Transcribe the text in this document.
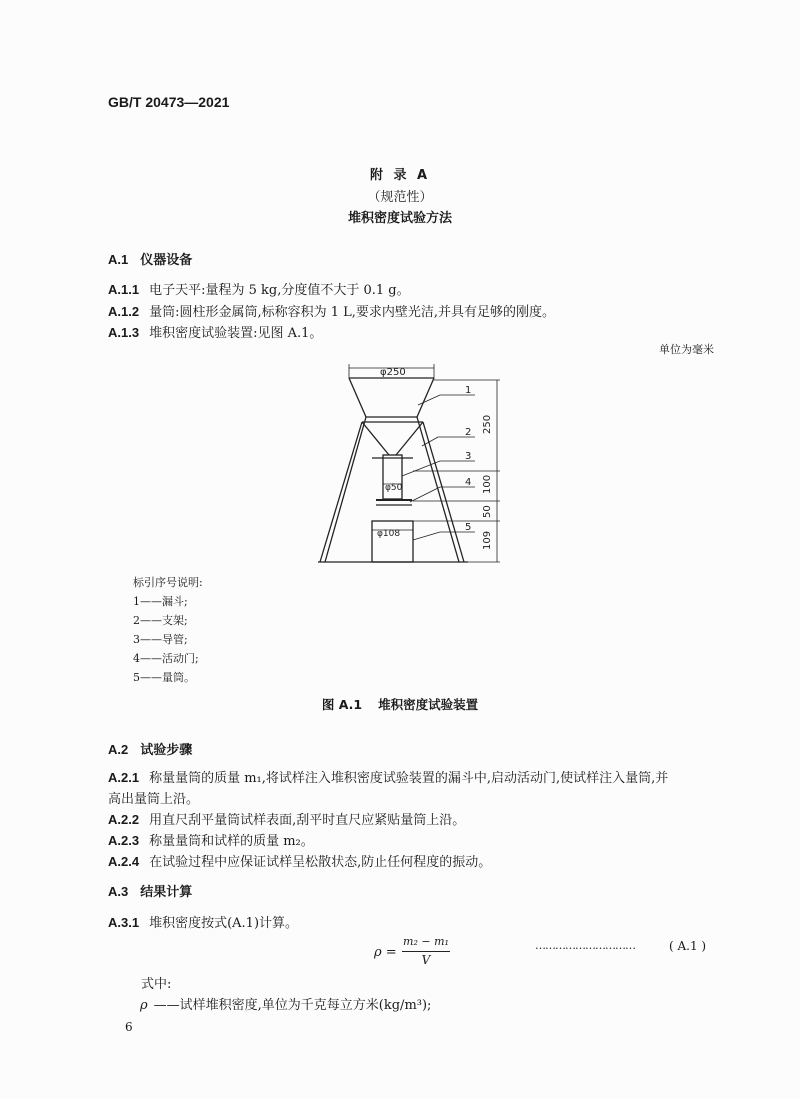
GB/T 20473—2021
附 录 A
（规范性）
堆积密度试验方法
A.1 仪器设备
A.1.1 电子天平:量程为 5 kg,分度值不大于 0.1 g。
A.1.2 量筒:圆柱形金属筒,标称容积为 1 L,要求内壁光洁,并具有足够的刚度。
A.1.3 堆积密度试验装置:见图 A.1。
单位为毫米
φ250
φ50
φ108
250
100
50
109
1
2
3
4
5
标引序号说明:
1——漏斗;
2——支架;
3——导管;
4——活动门;
5——量筒。
图 A.1 堆积密度试验装置
A.2 试验步骤
A.2.1 称量量筒的质量 m₁,将试样注入堆积密度试验装置的漏斗中,启动活动门,使试样注入量筒,并
高出量筒上沿。
A.2.2 用直尺刮平量筒试样表面,刮平时直尺应紧贴量筒上沿。
A.2.3 称量量筒和试样的质量 m₂。
A.2.4 在试验过程中应保证试样呈松散状态,防止任何程度的振动。
A.3 结果计算
A.3.1 堆积密度按式(A.1)计算。
ρ =
m₂ − m₁
V
…………………………	( A.1 )
式中:
ρ ——试样堆积密度,单位为千克每立方米(kg/m³);
6
